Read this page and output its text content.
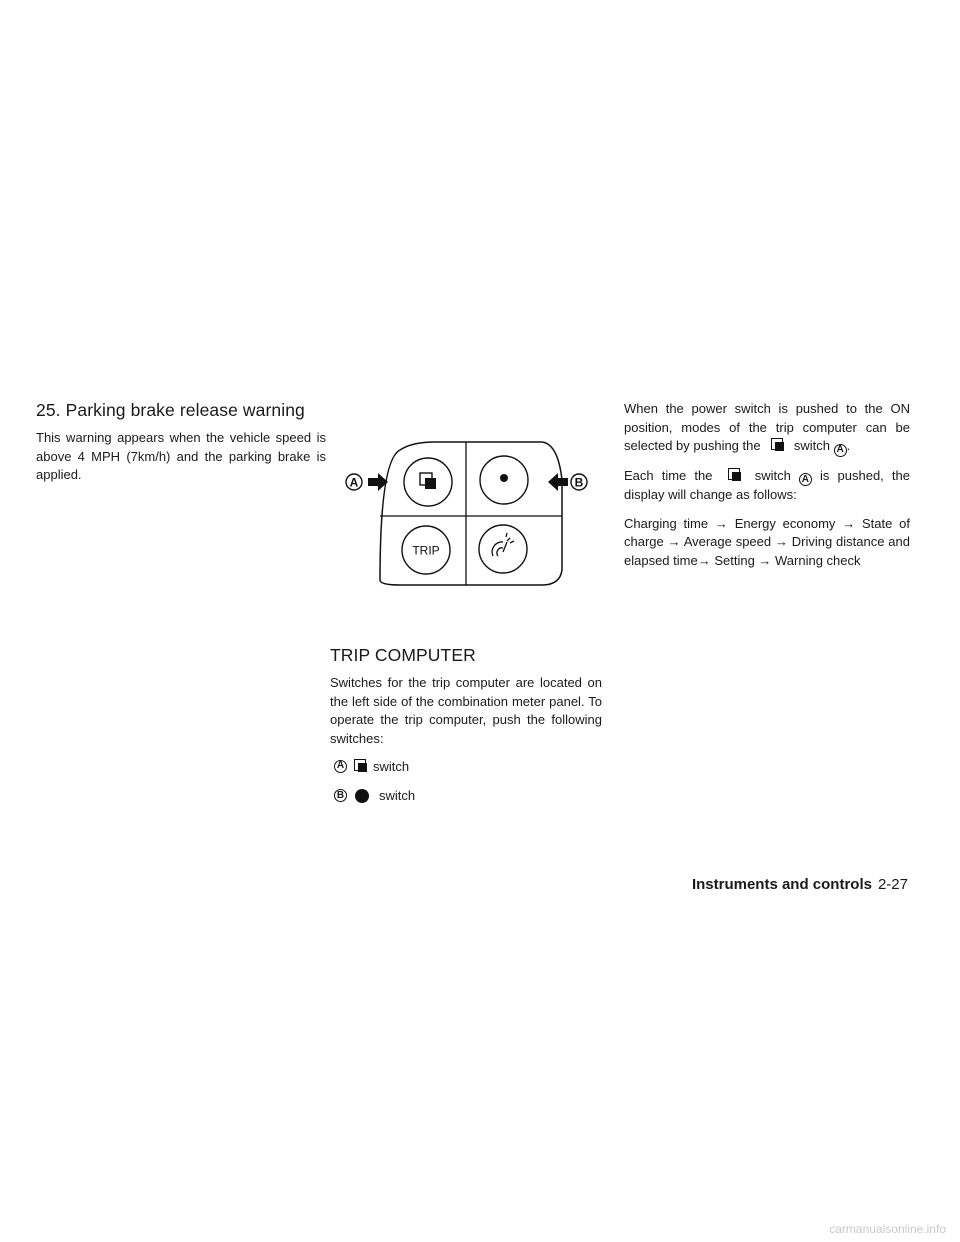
25. Parking brake release warning

This warning appears when the vehicle speed is above 4 MPH (7km/h) and the parking brake is applied.

TRIP
A	B
TRIP COMPUTER

Switches for the trip computer are located on the left side of the combination meter panel. To operate the trip computer, push the following switches:

A switch
B	switch

When the power switch is pushed to the ON position, modes of the trip computer can be selected by pushing the	switch A .

Each time the	switch A is pushed, the display will change as follows:

Charging time → Energy economy → State of charge → Average speed → Driving distance and elapsed time→ Setting → Warning check

Instruments and controls 2-27
carmanualsonline.info
